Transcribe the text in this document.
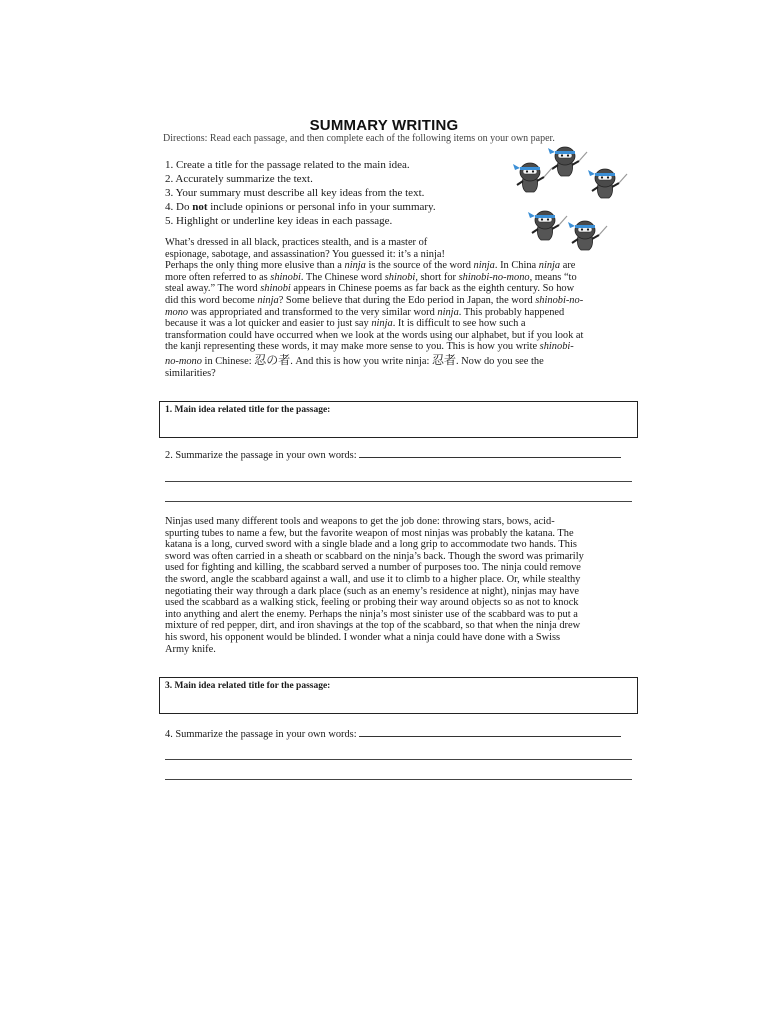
SUMMARY WRITING
Directions: Read each passage, and then complete each of the following items on your own paper.
1. Create a title for the passage related to the main idea.
2. Accurately summarize the text.
3. Your summary must describe all key ideas from the text.
4. Do not include opinions or personal info in your summary.
5. Highlight or underline key ideas in each passage.
What’s dressed in all black, practices stealth, and is a master of
espionage, sabotage, and assassination? You guessed it: it’s a ninja!
Perhaps the only thing more elusive than a ninja is the source of the word ninja. In China ninja are
more often referred to as shinobi. The Chinese word shinobi, short for shinobi-no-mono, means “to
steal away.” The word shinobi appears in Chinese poems as far back as the eighth century. So how
did this word become ninja? Some believe that during the Edo period in Japan, the word shinobi-no-
mono was appropriated and transformed to the very similar word ninja. This probably happened
because it was a lot quicker and easier to just say ninja. It is difficult to see how such a
transformation could have occurred when we look at the words using our alphabet, but if you look at
the kanji representing these words, it may make more sense to you. This is how you write shinobi-
no-mono in Chinese: 忍の者. And this is how you write ninja: 忍者. Now do you see the
similarities?
1. Main idea related title for the passage:
2. Summarize the passage in your own words:
Ninjas used many different tools and weapons to get the job done: throwing stars, bows, acid-
spurting tubes to name a few, but the favorite weapon of most ninjas was probably the katana. The
katana is a long, curved sword with a single blade and a long grip to accommodate two hands. This
sword was often carried in a sheath or scabbard on the ninja’s back. Though the sword was primarily
used for fighting and killing, the scabbard served a number of purposes too. The ninja could remove
the sword, angle the scabbard against a wall, and use it to climb to a higher place. Or, while stealthy
negotiating their way through a dark place (such as an enemy’s residence at night), ninjas may have
used the scabbard as a walking stick, feeling or probing their way around objects so as not to knock
into anything and alert the enemy. Perhaps the ninja’s most sinister use of the scabbard was to put a
mixture of red pepper, dirt, and iron shavings at the top of the scabbard, so that when the ninja drew
his sword, his opponent would be blinded. I wonder what a ninja could have done with a Swiss
Army knife.
3. Main idea related title for the passage:
4. Summarize the passage in your own words:
